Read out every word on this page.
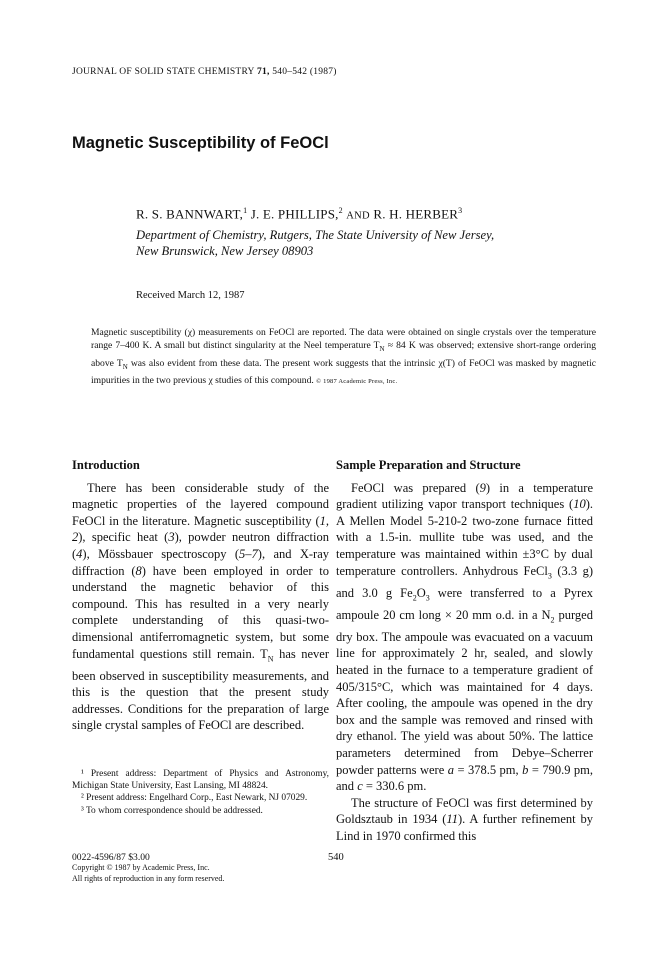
JOURNAL OF SOLID STATE CHEMISTRY 71, 540–542 (1987)
Magnetic Susceptibility of FeOCl
R. S. BANNWART,$^1$ J. E. PHILLIPS,$^2$ AND R. H. HERBER$^3$
Department of Chemistry, Rutgers, The State University of New Jersey,
New Brunswick, New Jersey 08903
Received March 12, 1987
Magnetic susceptibility (χ) measurements on FeOCl are reported. The data were obtained on single crystals over the temperature range 7–400 K. A small but distinct singularity at the Neel temperature $T_N \approx 84$ K was observed; extensive short-range ordering above $T_N$ was also evident from these data. The present work suggests that the intrinsic χ(T) of FeOCl was masked by magnetic impurities in the two previous χ studies of this compound. © 1987 Academic Press, Inc.
Introduction

There has been considerable study of the magnetic properties of the layered compound FeOCl in the literature. Magnetic susceptibility (1, 2), specific heat (3), powder neutron diffraction (4), Mössbauer spectroscopy (5–7), and X-ray diffraction (8) have been employed in order to understand the magnetic behavior of this compound. This has resulted in a very nearly complete understanding of this quasi-two-dimensional antiferromagnetic system, but some fundamental questions still remain. $T_N$ has never been observed in susceptibility measurements, and this is the question that the present study addresses. Conditions for the preparation of large single crystal samples of FeOCl are described.

¹ Present address: Department of Physics and Astronomy, Michigan State University, East Lansing, MI 48824.

² Present address: Engelhard Corp., East Newark, NJ 07029.

³ To whom correspondence should be addressed.

0022-4596/87 $3.00
Copyright © 1987 by Academic Press, Inc.
All rights of reproduction in any form reserved.
540
Sample Preparation and Structure

FeOCl was prepared (9) in a temperature gradient utilizing vapor transport techniques (10). A Mellen Model 5-210-2 two-zone furnace fitted with a 1.5-in. mullite tube was used, and the temperature was maintained within ±3°C by dual temperature controllers. Anhydrous FeCl$_3$ (3.3 g) and 3.0 g $Fe_2O_3$ were transferred to a Pyrex ampoule 20 cm long × 20 mm o.d. in a $N_2$ purged dry box. The ampoule was evacuated on a vacuum line for approximately 2 hr, sealed, and slowly heated in the furnace to a temperature gradient of 405/315°C, which was maintained for 4 days. After cooling, the ampoule was opened in the dry box and the sample was removed and rinsed with dry ethanol. The yield was about 50%. The lattice parameters determined from Debye–Scherrer powder patterns were a = 378.5 pm, b = 790.9 pm, and c = 330.6 pm.

The structure of FeOCl was first determined by Goldsztaub in 1934 (11). A further refinement by Lind in 1970 confirmed this
